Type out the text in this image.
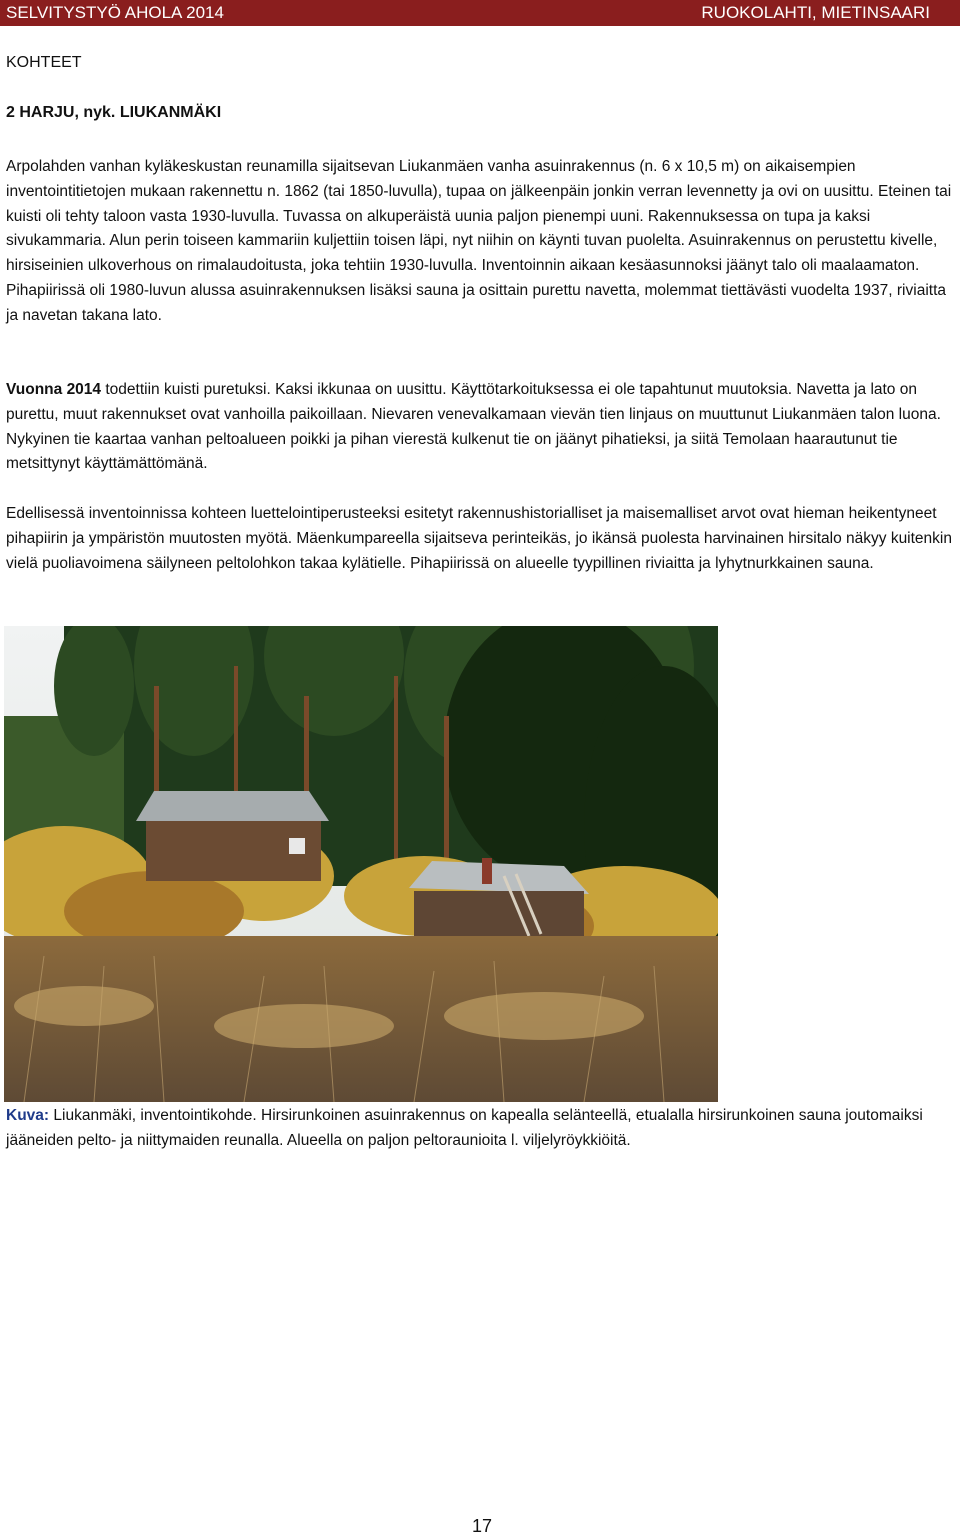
SELVITYSTYÖ AHOLA 2014	RUOKOLAHTI, MIETINSAARI
KOHTEET
2 HARJU, nyk. LIUKANMÄKI

Arpolahden vanhan kyläkeskustan reunamilla sijaitsevan Liukanmäen vanha asuinrakennus (n. 6 x 10,5 m) on aikaisempien inventointitietojen mukaan rakennettu n. 1862 (tai 1850-luvulla), tupaa on jälkeenpäin jonkin verran levennetty ja ovi on uusittu. Eteinen tai kuisti oli tehty taloon vasta 1930-luvulla. Tuvassa on alkuperäistä uunia paljon pienempi uuni. Rakennuksessa on tupa ja kaksi sivukammaria. Alun perin toiseen kammariin kuljettiin toisen läpi, nyt niihin on käynti tuvan puolelta. Asuinrakennus on perustettu kivelle, hirsiseinien ulkoverhous on rimalaudoitusta, joka tehtiin 1930-luvulla. Inventoinnin aikaan kesäasunnoksi jäänyt talo oli maalaamaton. Pihapiirissä oli 1980-luvun alussa asuinrakennuksen lisäksi sauna ja osittain purettu navetta, molemmat tiettävästi vuodelta 1937, riviaitta ja navetan takana lato.

Vuonna 2014 todettiin kuisti puretuksi. Kaksi ikkunaa on uusittu. Käyttötarkoituksessa ei ole tapahtunut muutoksia. Navetta ja lato on purettu, muut rakennukset ovat vanhoilla paikoillaan. Nievaren venevalkamaan vievän tien linjaus on muuttunut Liukanmäen talon luona. Nykyinen tie kaartaa vanhan peltoalueen poikki ja pihan vierestä kulkenut tie on jäänyt pihatieksi, ja siitä Temolaan haarautunut tie metsittynyt käyttämättömänä.

Edellisessä inventoinnissa kohteen luettelointiperusteeksi esitetyt rakennushistorialliset ja maisemalliset arvot ovat hieman heikentyneet pihapiirin ja ympäristön muutosten myötä. Mäenkumpareella sijaitseva perinteikäs, jo ikänsä puolesta harvinainen hirsitalo näkyy kuitenkin vielä puoliavoimena säilyneen peltolohkon takaa kylätielle. Pihapiirissä on alueelle tyypillinen riviaitta ja lyhytnurkkainen sauna.

Kuva: Liukanmäki, inventointikohde. Hirsirunkoinen asuinrakennus on kapealla selänteellä, etualalla hirsirunkoinen sauna joutomaiksi jääneiden pelto- ja niittymaiden reunalla. Alueella on paljon peltoraunioita l. viljelyröykkiöitä.

17
